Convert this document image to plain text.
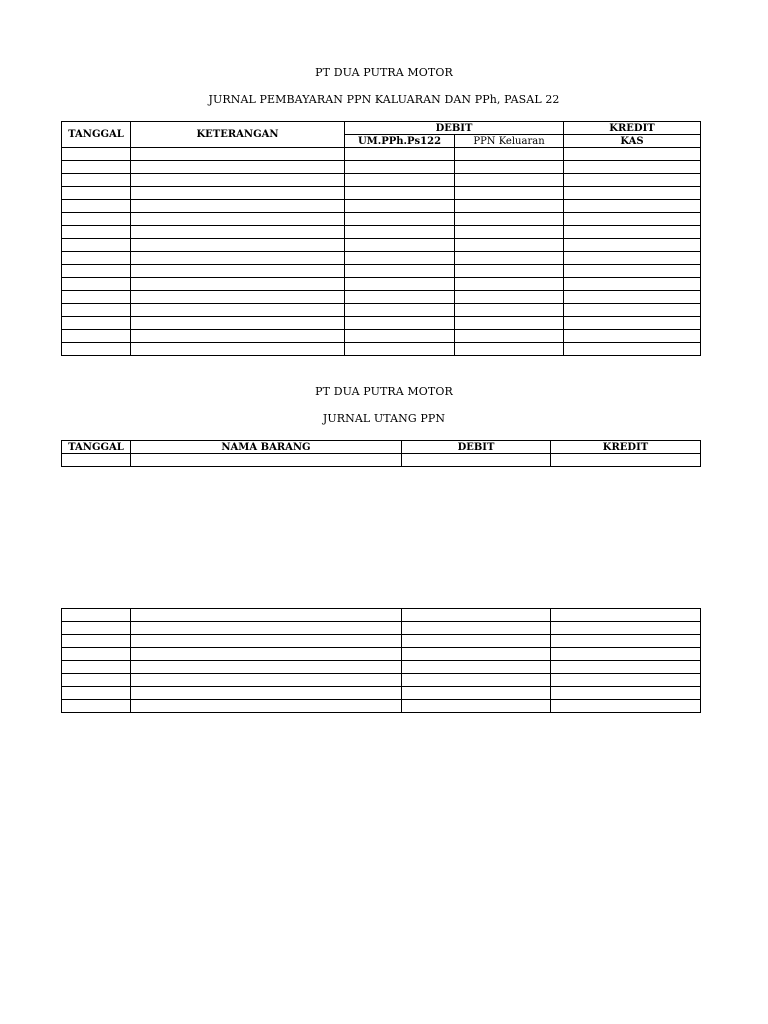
PT DUA PUTRA MOTOR
JURNAL PEMBAYARAN PPN KALUARAN DAN PPh, PASAL 22
TANGGAL	KETERANGAN	DEBIT		KREDIT
		UM.PPh.Ps122	PPN Keluaran	KAS

PT DUA PUTRA MOTOR
JURNAL UTANG PPN
TANGGAL	NAMA BARANG	DEBIT	KREDIT
